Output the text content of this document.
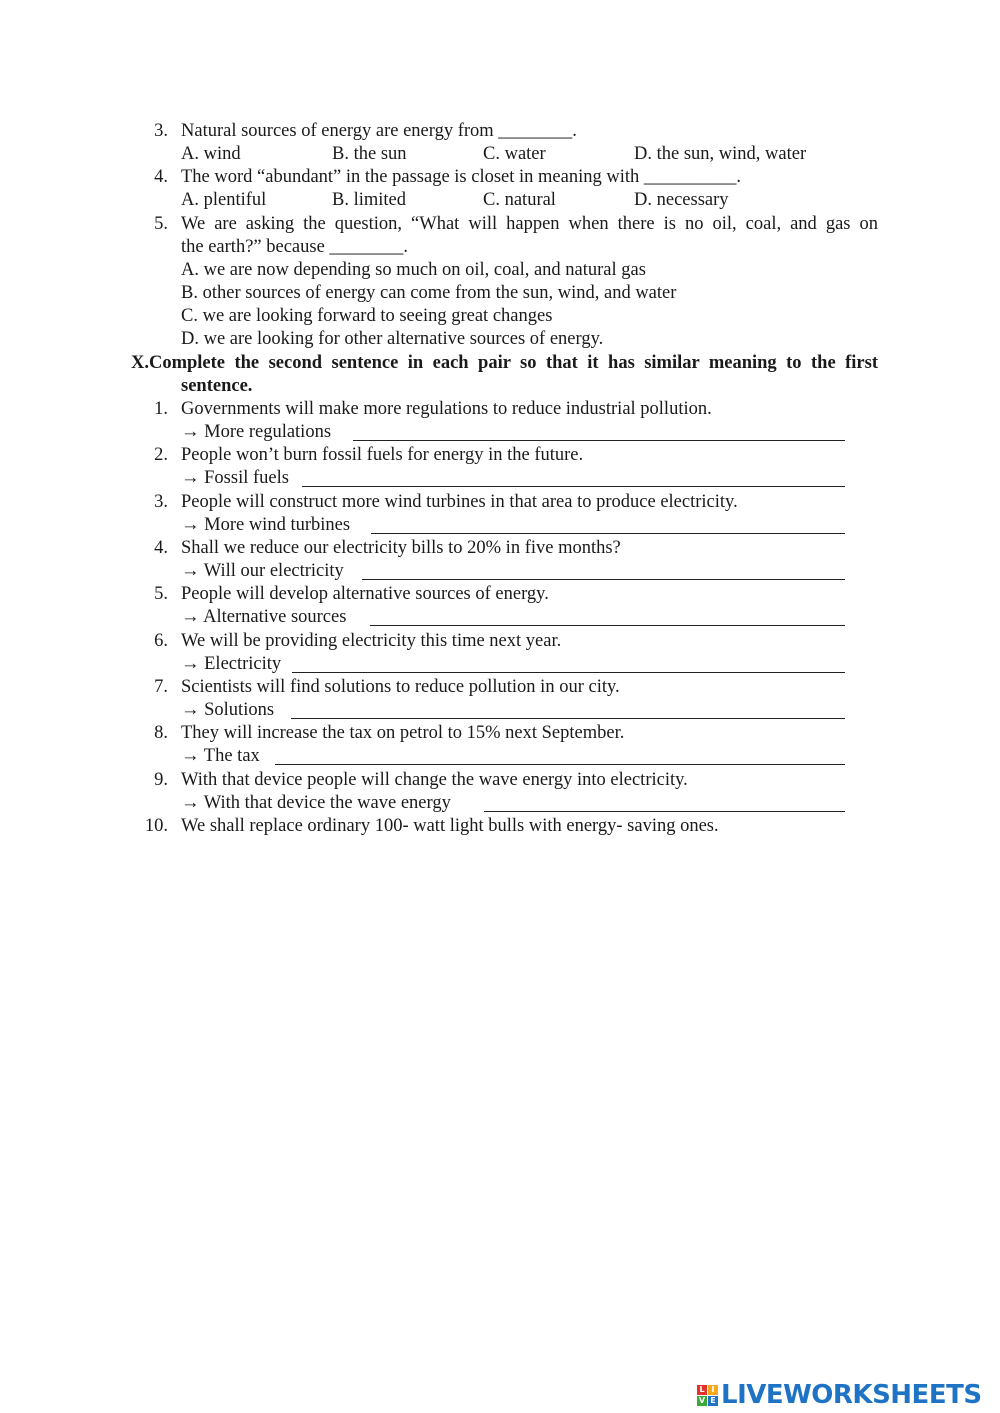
3. Natural sources of energy are energy from ________.
A. wind	B. the sun	C. water	D. the sun, wind, water
4. The word “abundant” in the passage is closet in meaning with __________.
A. plentiful	B. limited	C. natural	D. necessary
5. We are asking the question, “What will happen when there is no oil, coal, and gas on
the earth?” because ________.
A. we are now depending so much on oil, coal, and natural gas
B. other sources of energy can come from the sun, wind, and water
C. we are looking forward to seeing great changes
D. we are looking for other alternative sources of energy.
X.Complete the second sentence in each pair so that it has similar meaning to the first
sentence.
1. Governments will make more regulations to reduce industrial pollution.
→ More regulations
2. People won’t burn fossil fuels for energy in the future.
→ Fossil fuels
3. People will construct more wind turbines in that area to produce electricity.
→ More wind turbines
4. Shall we reduce our electricity bills to 20% in five months?
→ Will our electricity
5. People will develop alternative sources of energy.
→ Alternative sources
6. We will be providing electricity this time next year.
→ Electricity
7. Scientists will find solutions to reduce pollution in our city.
→ Solutions
8. They will increase the tax on petrol to 15% next September.
→ The tax
9. With that device people will change the wave energy into electricity.
→ With that device the wave energy
10. We shall replace ordinary 100- watt light bulls with energy- saving ones.
L I
V E LIVEWORKSHEETS
